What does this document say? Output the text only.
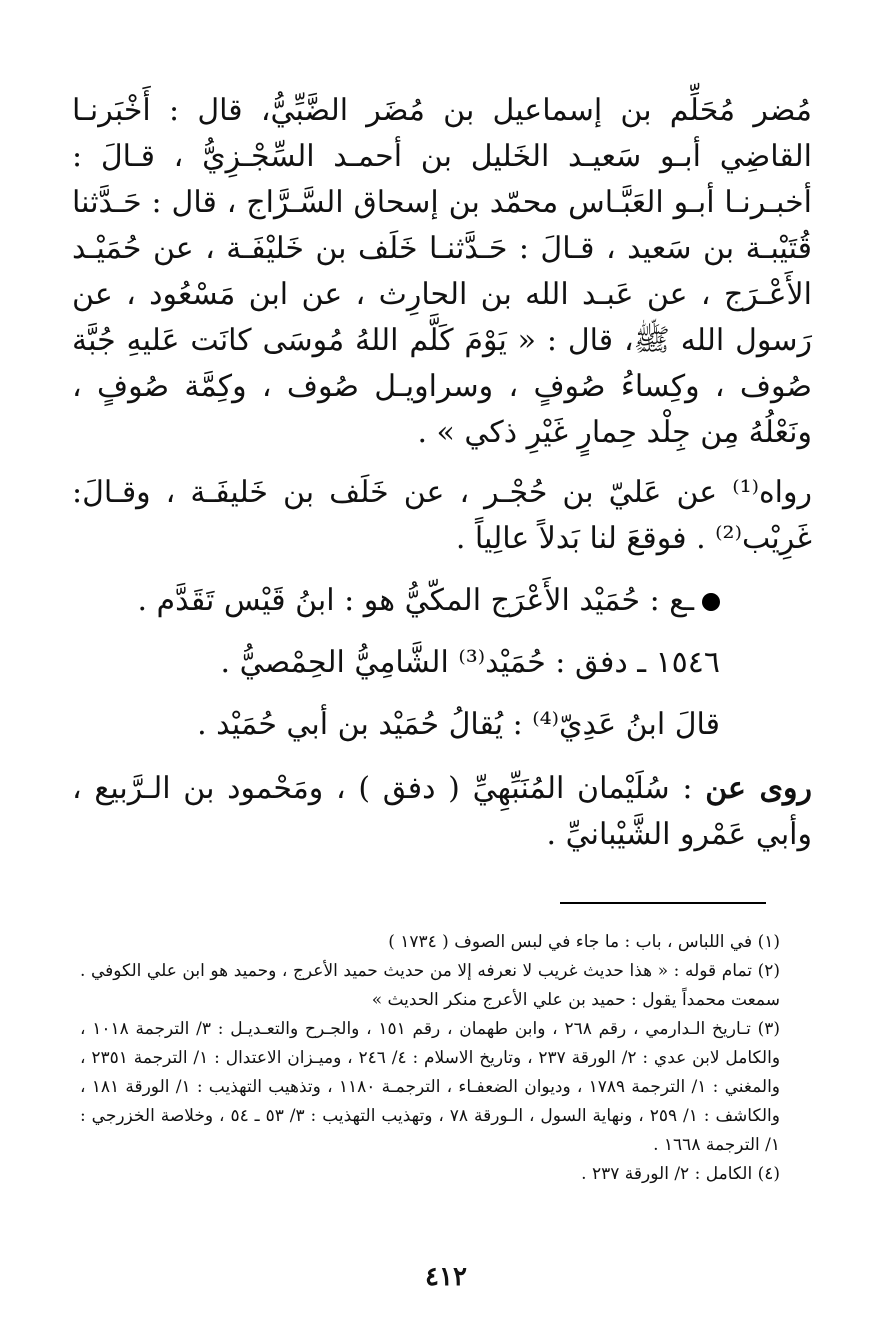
مُضر مُحَلِّم بن إسماعيل بن مُضَر الضَّبِّيُّ، قال : أَخْبَرنـا القاضِي أبـو سَعيـد الخَليل بن أحمـد السِّجْـزِيُّ ، قـالَ : أخبـرنـا أبـو العَبَّـاس محمّد بن إسحاق السَّـرَّاج ، قال : حَـدَّثنا قُتَيْبـة بن سَعيد ، قـالَ : حَـدَّثنـا خَلَف بن خَليْفَـة ، عن حُمَيْـد الأَعْـرَج ، عن عَبـد الله بن الحارِث ، عن ابن مَسْعُود ، عن رَسول الله ﷺ، قال : « يَوْمَ كَلَّم اللهُ مُوسَى كانَت عَليهِ جُبَّة صُوف ، وكِساءُ صُوفٍ ، وسراويـل صُوف ، وكِمَّة صُوفٍ ، ونَعْلُهُ مِن جِلْد حِمارٍ غَيْرِ ذكي » .

رواه⁽¹⁾ عن عَليّ بن حُجْـر ، عن خَلَف بن خَليفَـة ، وقـالَ: غَرِيْب⁽²⁾ . فوقعَ لنا بَدلاً عالِياً .

ـع : حُمَيْد الأَعْرَج المكّيُّ هو : ابنُ قَيْس تَقَدَّم .

١٥٤٦ ـ دفق : حُمَيْد⁽³⁾ الشَّامِيُّ الحِمْصيُّ .

قالَ ابنُ عَدِيّ⁽⁴⁾ : يُقالُ حُمَيْد بن أبي حُمَيْد .

روى عن : سُلَيْمان المُنَبِّهِيِّ ( دفق ) ، ومَحْمود بن الـرَّبيع ، وأبي عَمْرو الشَّيْبانيِّ .

(١) في اللباس ، باب : ما جاء في لبس الصوف ( ١٧٣٤ )

(٢) تمام قوله : « هذا حديث غريب لا نعرفه إلا من حديث حميد الأعرج ، وحميد هو ابن علي الكوفي . سمعت محمداً يقول : حميد بن علي الأعرج منكر الحديث »

(٣) تـاريخ الـدارمي ، رقم ٢٦٨ ، وابن طهمان ، رقم ١٥١ ، والجـرح والتعـديـل : ٣/ الترجمة ١٠١٨ ، والكامل لابن عدي : ٢/ الورقة ٢٣٧ ، وتاريخ الاسلام : ٤/ ٢٤٦ ، وميـزان الاعتدال : ١/ الترجمة ٢٣٥١ ، والمغني : ١/ الترجمة ١٧٨٩ ، وديوان الضعفـاء ، الترجمـة ١١٨٠ ، وتذهيب التهذيب : ١/ الورقة ١٨١ ، والكاشف : ١/ ٢٥٩ ، ونهاية السول ، الـورقة ٧٨ ، وتهذيب التهذيب : ٣/ ٥٣ ـ ٥٤ ، وخلاصة الخزرجي : ١/ الترجمة ١٦٦٨ .

(٤) الكامل : ٢/ الورقة ٢٣٧ .

٤١٢
